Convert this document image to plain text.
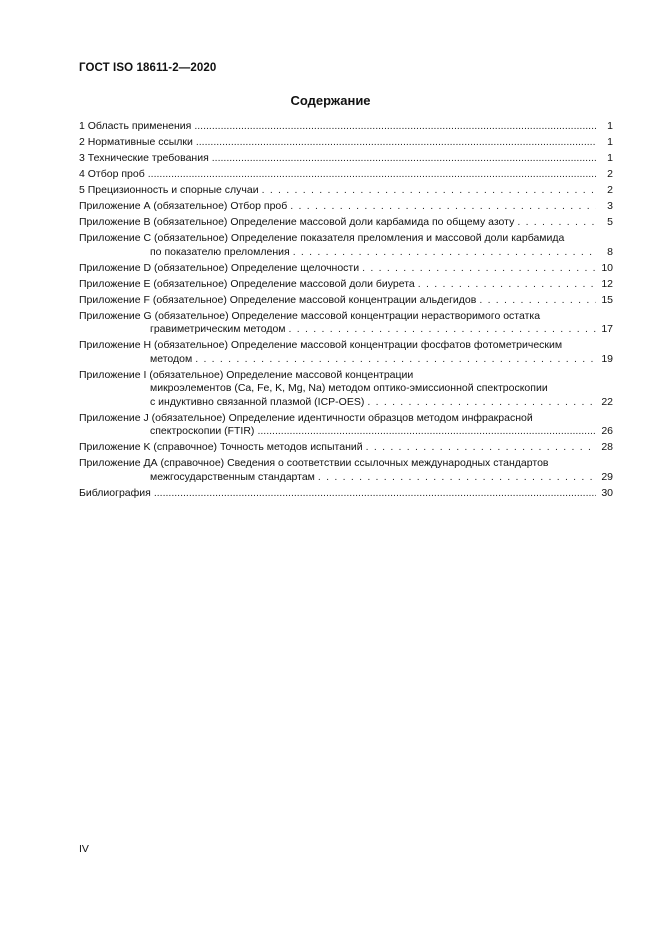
ГОСТ ISO 18611-2—2020
Содержание
1 Область применения .....	1
2 Нормативные ссылки .....	1
3 Технические требования .....	1
4 Отбор проб .....	2
5 Прецизионность и спорные случаи . . .	2
Приложение А (обязательное) Отбор проб . . .	3
Приложение В (обязательное) Определение массовой доли карбамида по общему азоту . . .	5
Приложение С (обязательное) Определение показателя преломления и массовой доли карбамида
по показателю преломления . . .	8
Приложение D (обязательное) Определение щелочности . . .	10
Приложение Е (обязательное) Определение массовой доли биурета . . .	12
Приложение F (обязательное) Определение массовой концентрации альдегидов . . .	15
Приложение G (обязательное) Определение массовой концентрации нерастворимого остатка
гравиметрическим методом . . .	17
Приложение Н (обязательное) Определение массовой концентрации фосфатов фотометрическим
методом . . .	19
Приложение I (обязательное) Определение массовой концентрации
микроэлементов (Ca, Fe, K, Mg, Na) методом оптико-эмиссионной спектроскопии
с индуктивно связанной плазмой (ICP-OES) . . .	22
Приложение J (обязательное) Определение идентичности образцов методом инфракрасной
спектроскопии (FTIR) .....	26
Приложение K (справочное) Точность методов испытаний . . .	28
Приложение ДА (справочное) Сведения о соответствии ссылочных международных стандартов
межгосударственным стандартам . . .	29
Библиография .....	30
IV
